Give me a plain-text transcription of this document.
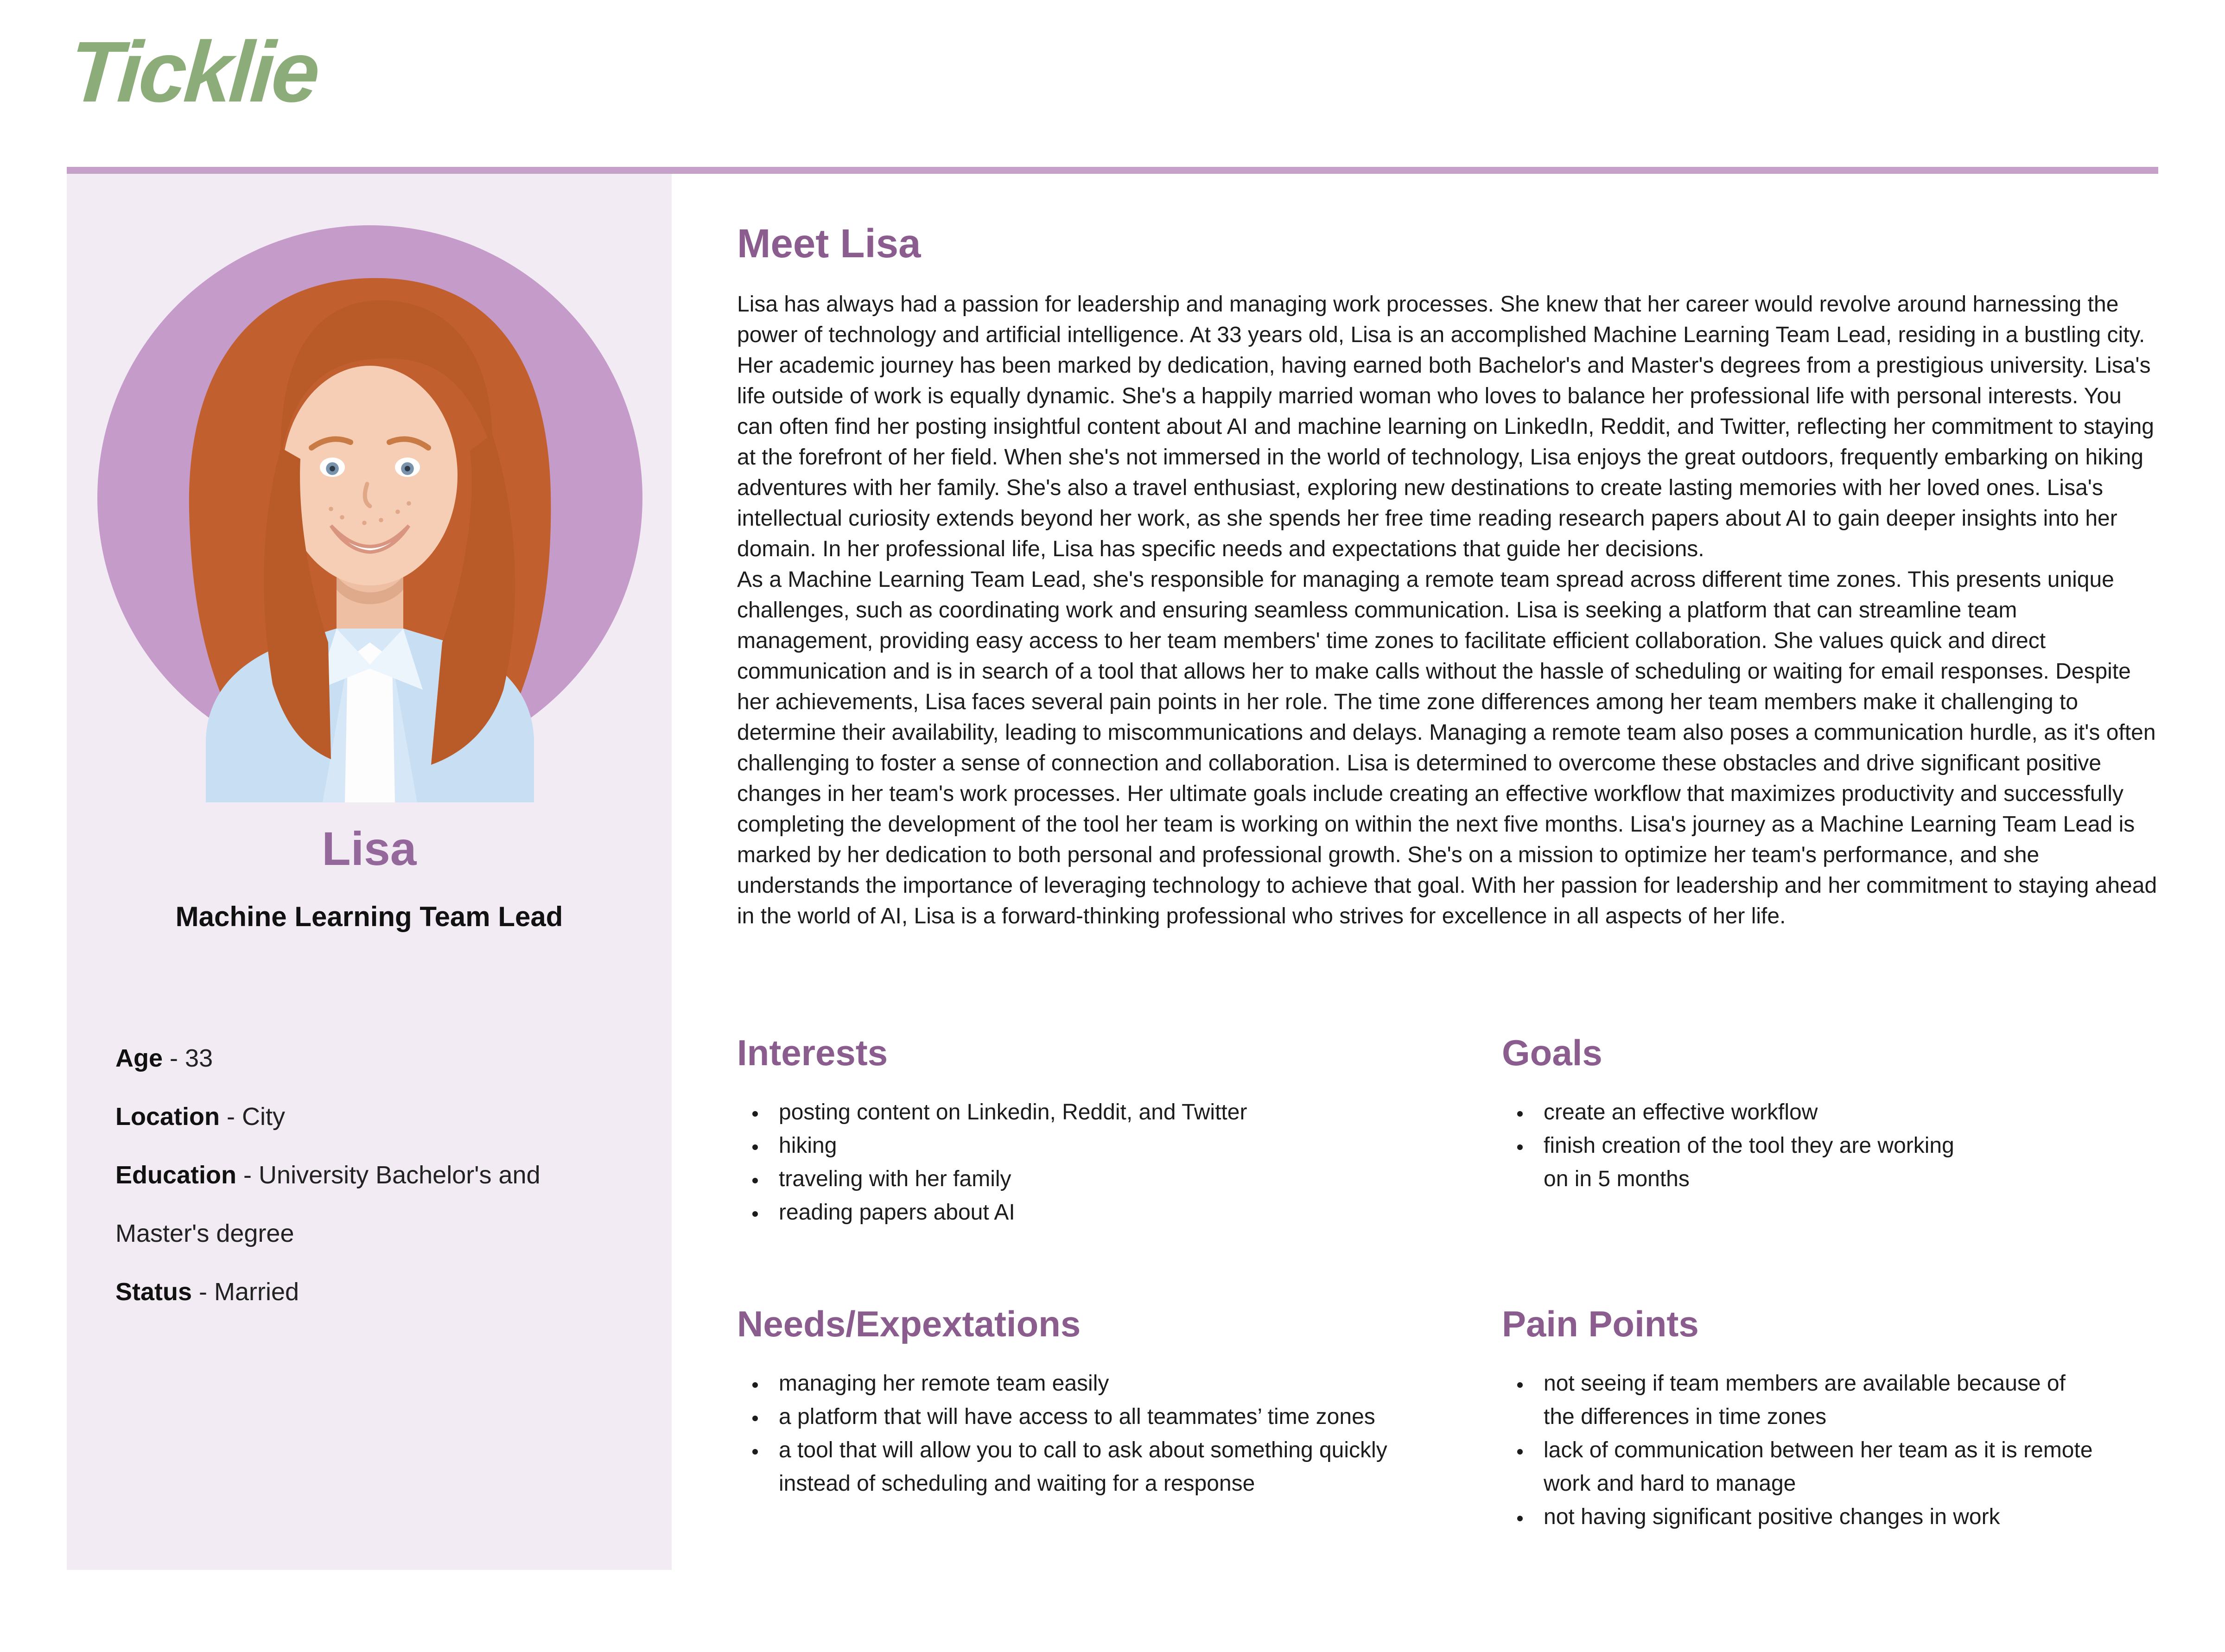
Ticklie
Lisa
Machine Learning Team Lead
Age	- 33
Location	- City
Education	- University Bachelor's and Master's degree
Status	- Married
Meet Lisa

Lisa has always had a passion for leadership and managing work processes. She knew that her career would revolve around harnessing the power of technology and artificial intelligence. At 33 years old, Lisa is an accomplished Machine Learning Team Lead, residing in a bustling city. Her academic journey has been marked by dedication, having earned both Bachelor's and Master's degrees from a prestigious university. Lisa's life outside of work is equally dynamic. She's a happily married woman who loves to balance her professional life with personal interests. You can often find her posting insightful content about AI and machine learning on LinkedIn, Reddit, and Twitter, reflecting her commitment to staying at the forefront of her field. When she's not immersed in the world of technology, Lisa enjoys the great outdoors, frequently embarking on hiking adventures with her family. She's also a travel enthusiast, exploring new destinations to create lasting memories with her loved ones. Lisa's intellectual curiosity extends beyond her work, as she spends her free time reading research papers about AI to gain deeper insights into her domain. In her professional life, Lisa has specific needs and expectations that guide her decisions.

As a Machine Learning Team Lead, she's responsible for managing a remote team spread across different time zones. This presents unique challenges, such as coordinating work and ensuring seamless communication. Lisa is seeking a platform that can streamline team management, providing easy access to her team members' time zones to facilitate efficient collaboration. She values quick and direct communication and is in search of a tool that allows her to make calls without the hassle of scheduling or waiting for email responses. Despite her achievements, Lisa faces several pain points in her role. The time zone differences among her team members make it challenging to determine their availability, leading to miscommunications and delays. Managing a remote team also poses a communication hurdle, as it's often challenging to foster a sense of connection and collaboration. Lisa is determined to overcome these obstacles and drive significant positive changes in her team's work processes. Her ultimate goals include creating an effective workflow that maximizes productivity and successfully completing the development of the tool her team is working on within the next five months. Lisa's journey as a Machine Learning Team Lead is marked by her dedication to both personal and professional growth. She's on a mission to optimize her team's performance, and she understands the importance of leveraging technology to achieve that goal. With her passion for leadership and her commitment to staying ahead in the world of AI, Lisa is a forward-thinking professional who strives for excellence in all aspects of her life.

Interests
• posting content on Linkedin, Reddit, and Twitter
• hiking
• traveling with her family
• reading papers about AI
Goals
• create an effective workflow
• finish creation of the tool they are working on in 5 months
Needs/Expextations
• managing her remote team easily
• a platform that will have access to all teammates’ time zones
• a tool that will allow you to call to ask about something quickly instead of scheduling and waiting for a response
Pain Points
• not seeing if team members are available because of the differences in time zones
• lack of communication between her team as it is remote work and hard to manage
• not having significant positive changes in work
